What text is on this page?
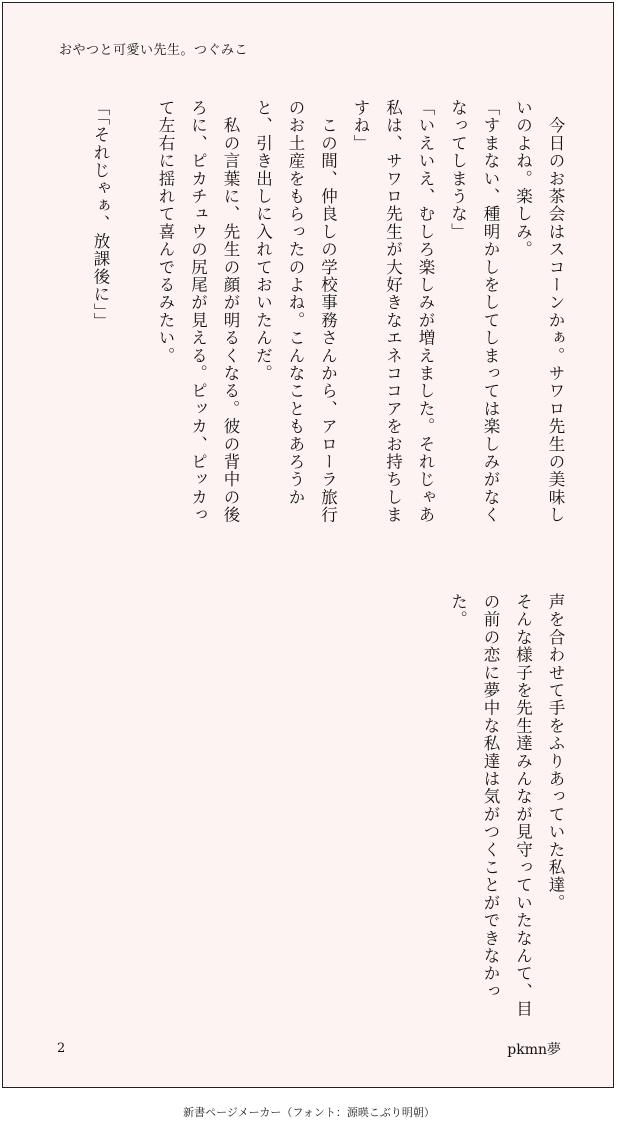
おやつと可愛い先生。つぐみこ

　今日のお茶会はスコーンかぁ。サワロ先生の美味しいのよね。楽しみ。

「すまない、種明かしをしてしまっては楽しみがなくなってしまうな」

「いえいえ、むしろ楽しみが増えました。それじゃあ私は、サワロ先生が大好きなエネココアをお持ちしますね」

　この間、仲良しの学校事務さんから、アローラ旅行のお土産をもらったのよね。こんなこともあろうかと、引き出しに入れておいたんだ。

　私の言葉に、先生の顔が明るくなる。彼の背中の後ろに、ピカチュウの尻尾が見える。ピッカ、ピッカって左右に揺れて喜んでるみたい。

「「それじゃぁ、放課後に」」

声を合わせて手をふりあっていた私達。

そんな様子を先生達みんなが見守っていたなんて、目の前の恋に夢中な私達は気がつくことができなかった。

2	pkmn夢
新書ページメーカー（フォント：源暎こぶり明朝）
